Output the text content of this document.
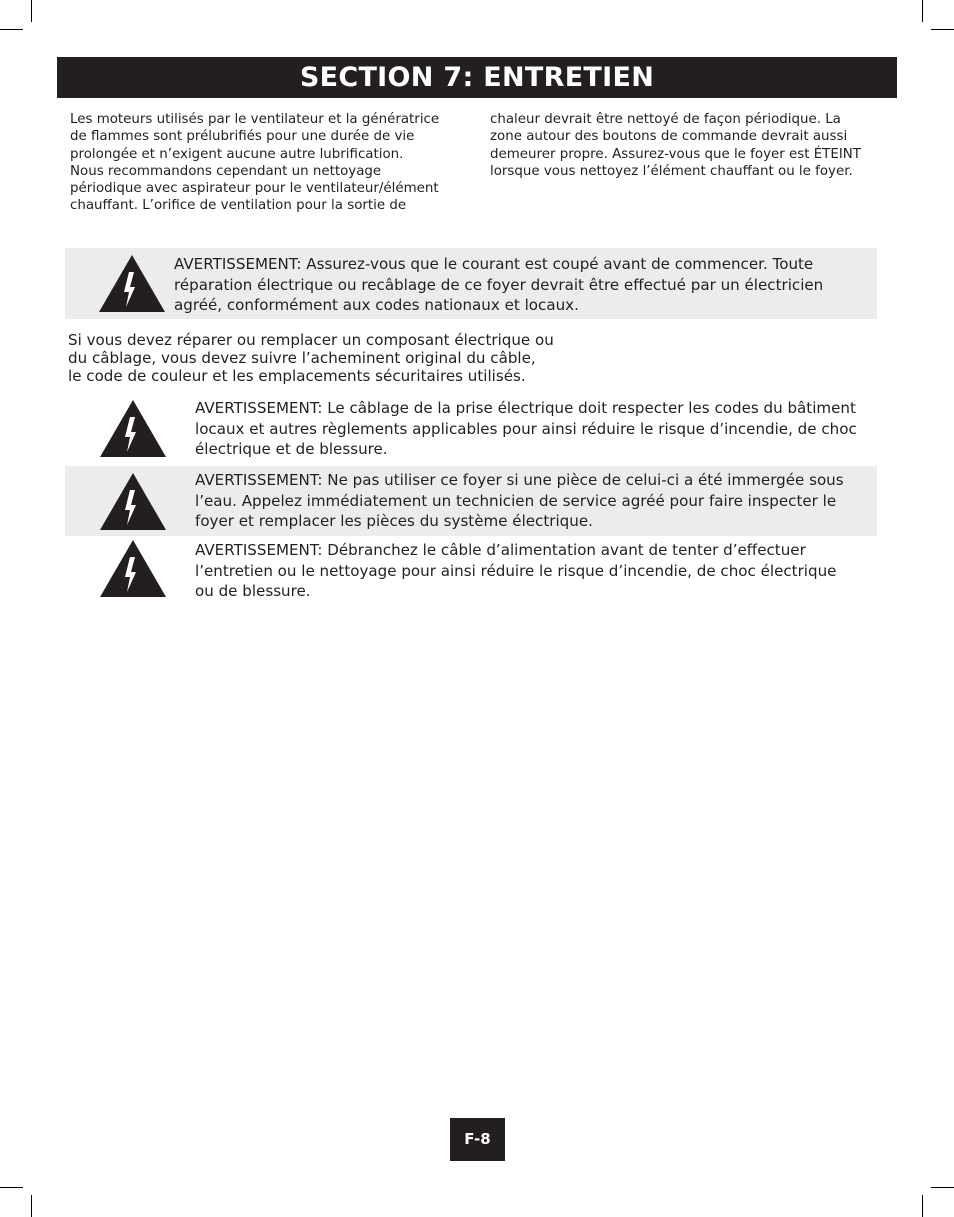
SECTION 7: ENTRETIEN

Les moteurs utilisés par le ventilateur et la génératrice
de flammes sont prélubrifiés pour une durée de vie
prolongée et n’exigent aucune autre lubrification.
Nous recommandons cependant un nettoyage
périodique avec aspirateur pour le ventilateur/élément
chauffant. L’orifice de ventilation pour la sortie de

chaleur devrait être nettoyé de façon périodique. La
zone autour des boutons de commande devrait aussi
demeurer propre. Assurez-vous que le foyer est ÉTEINT
lorsque vous nettoyez l’élément chauffant ou le foyer.

AVERTISSEMENT: Assurez-vous que le courant est coupé avant de commencer. Toute
réparation électrique ou recâblage de ce foyer devrait être effectué par un électricien
agréé, conformément aux codes nationaux et locaux.

Si vous devez réparer ou remplacer un composant électrique ou
du câblage, vous devez suivre l’acheminent original du câble,
le code de couleur et les emplacements sécuritaires utilisés.

AVERTISSEMENT: Le câblage de la prise électrique doit respecter les codes du bâtiment
locaux et autres règlements applicables pour ainsi réduire le risque d’incendie, de choc
électrique et de blessure.

AVERTISSEMENT: Ne pas utiliser ce foyer si une pièce de celui-ci a été immergée sous
l’eau. Appelez immédiatement un technicien de service agréé pour faire inspecter le
foyer et remplacer les pièces du système électrique.

AVERTISSEMENT: Débranchez le câble d’alimentation avant de tenter d’effectuer
l’entretien ou le nettoyage pour ainsi réduire le risque d’incendie, de choc électrique
ou de blessure.

F-8
